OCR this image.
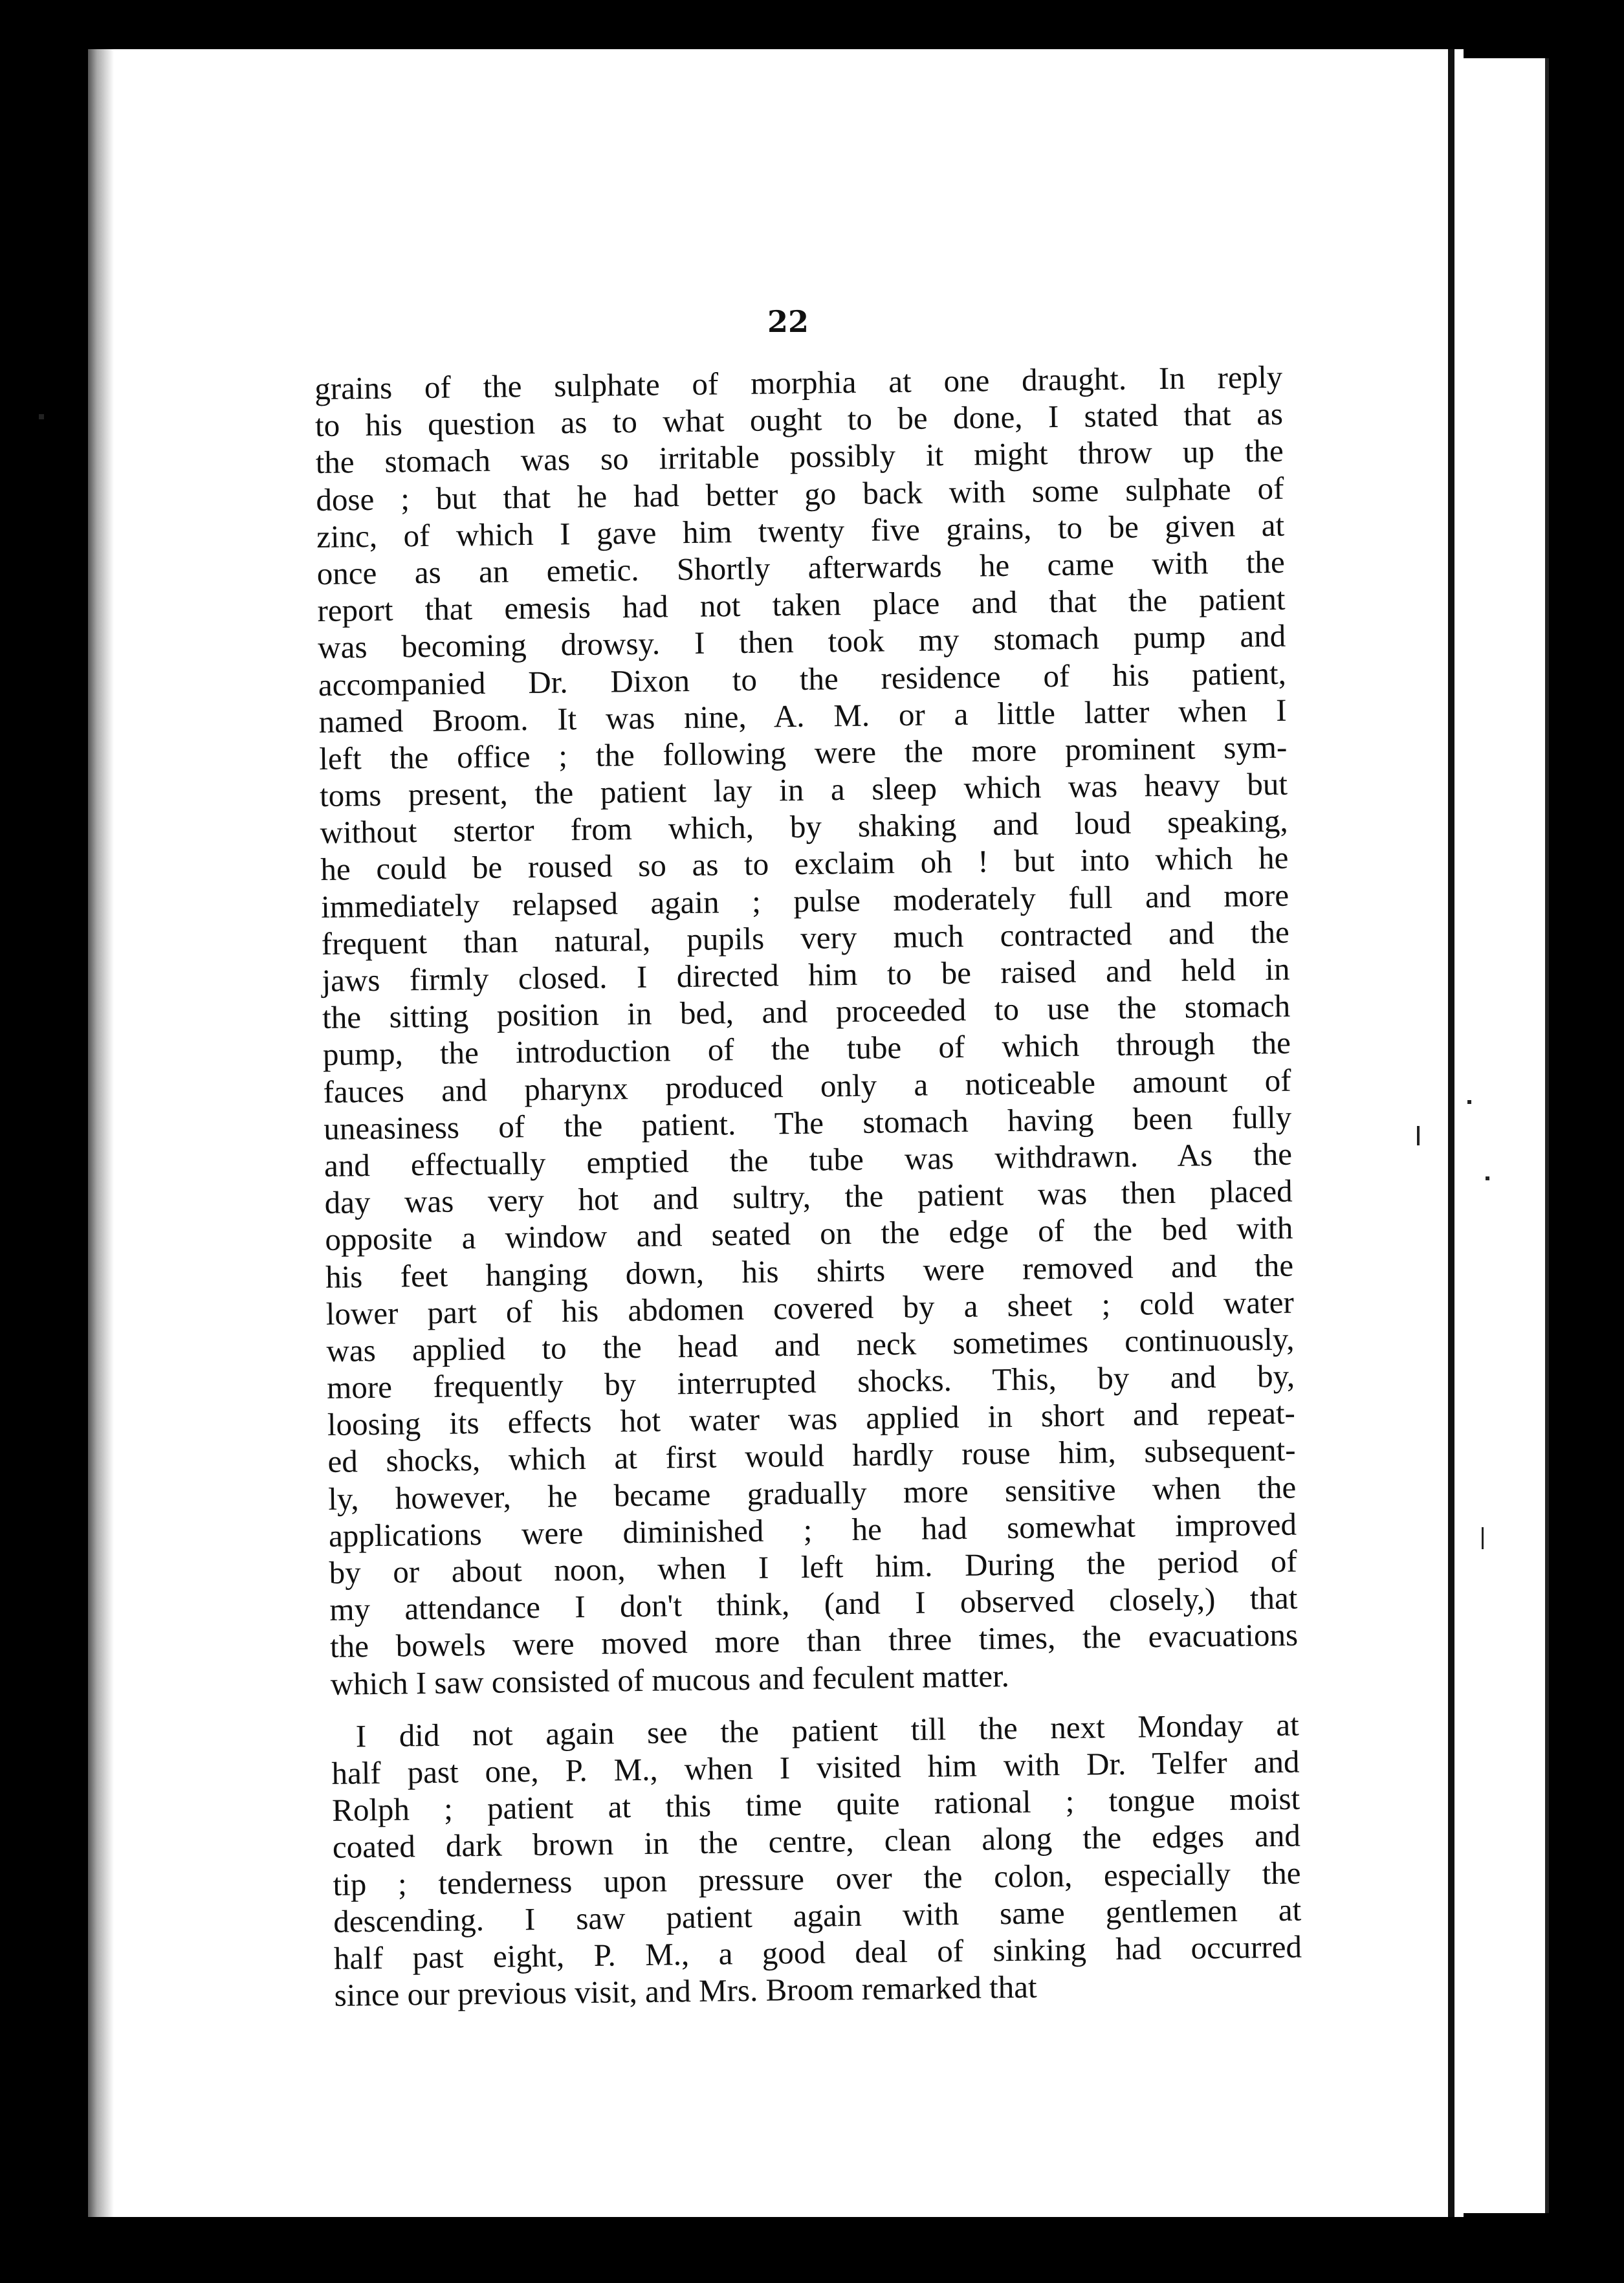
22
grains of the sulphate of morphia at one draught. In reply
to his question as to what ought to be done, I stated that as
the stomach was so irritable possibly it might throw up the
dose ; but that he had better go back with some sulphate of
zinc, of which I gave him twenty five grains, to be given at
once as an emetic. Shortly afterwards he came with the
report that emesis had not taken place and that the patient
was becoming drowsy. I then took my stomach pump and
accompanied Dr. Dixon to the residence of his patient,
named Broom. It was nine, A. M. or a little latter when I
left the office ; the following were the more prominent sym-
toms present, the patient lay in a sleep which was heavy but
without stertor from which, by shaking and loud speaking,
he could be roused so as to exclaim oh ! but into which he
immediately relapsed again ; pulse moderately full and more
frequent than natural, pupils very much contracted and the
jaws firmly closed. I directed him to be raised and held in
the sitting position in bed, and proceeded to use the stomach
pump, the introduction of the tube of which through the
fauces and pharynx produced only a noticeable amount of
uneasiness of the patient. The stomach having been fully
and effectually emptied the tube was withdrawn. As the
day was very hot and sultry, the patient was then placed
opposite a window and seated on the edge of the bed with
his feet hanging down, his shirts were removed and the
lower part of his abdomen covered by a sheet ; cold water
was applied to the head and neck sometimes continuously,
more frequently by interrupted shocks. This, by and by,
loosing its effects hot water was applied in short and repeat-
ed shocks, which at first would hardly rouse him, subsequent-
ly, however, he became gradually more sensitive when the
applications were diminished ; he had somewhat improved
by or about noon, when I left him. During the period of
my attendance I don't think, (and I observed closely,) that
the bowels were moved more than three times, the evacuations
which I saw consisted of mucous and feculent matter.
I did not again see the patient till the next Monday at
half past one, P. M., when I visited him with Dr. Telfer and
Rolph ; patient at this time quite rational ; tongue moist
coated dark brown in the centre, clean along the edges and
tip ; tenderness upon pressure over the colon, especially the
descending. I saw patient again with same gentlemen at
half past eight, P. M., a good deal of sinking had occurred
since our previous visit, and Mrs. Broom remarked that
